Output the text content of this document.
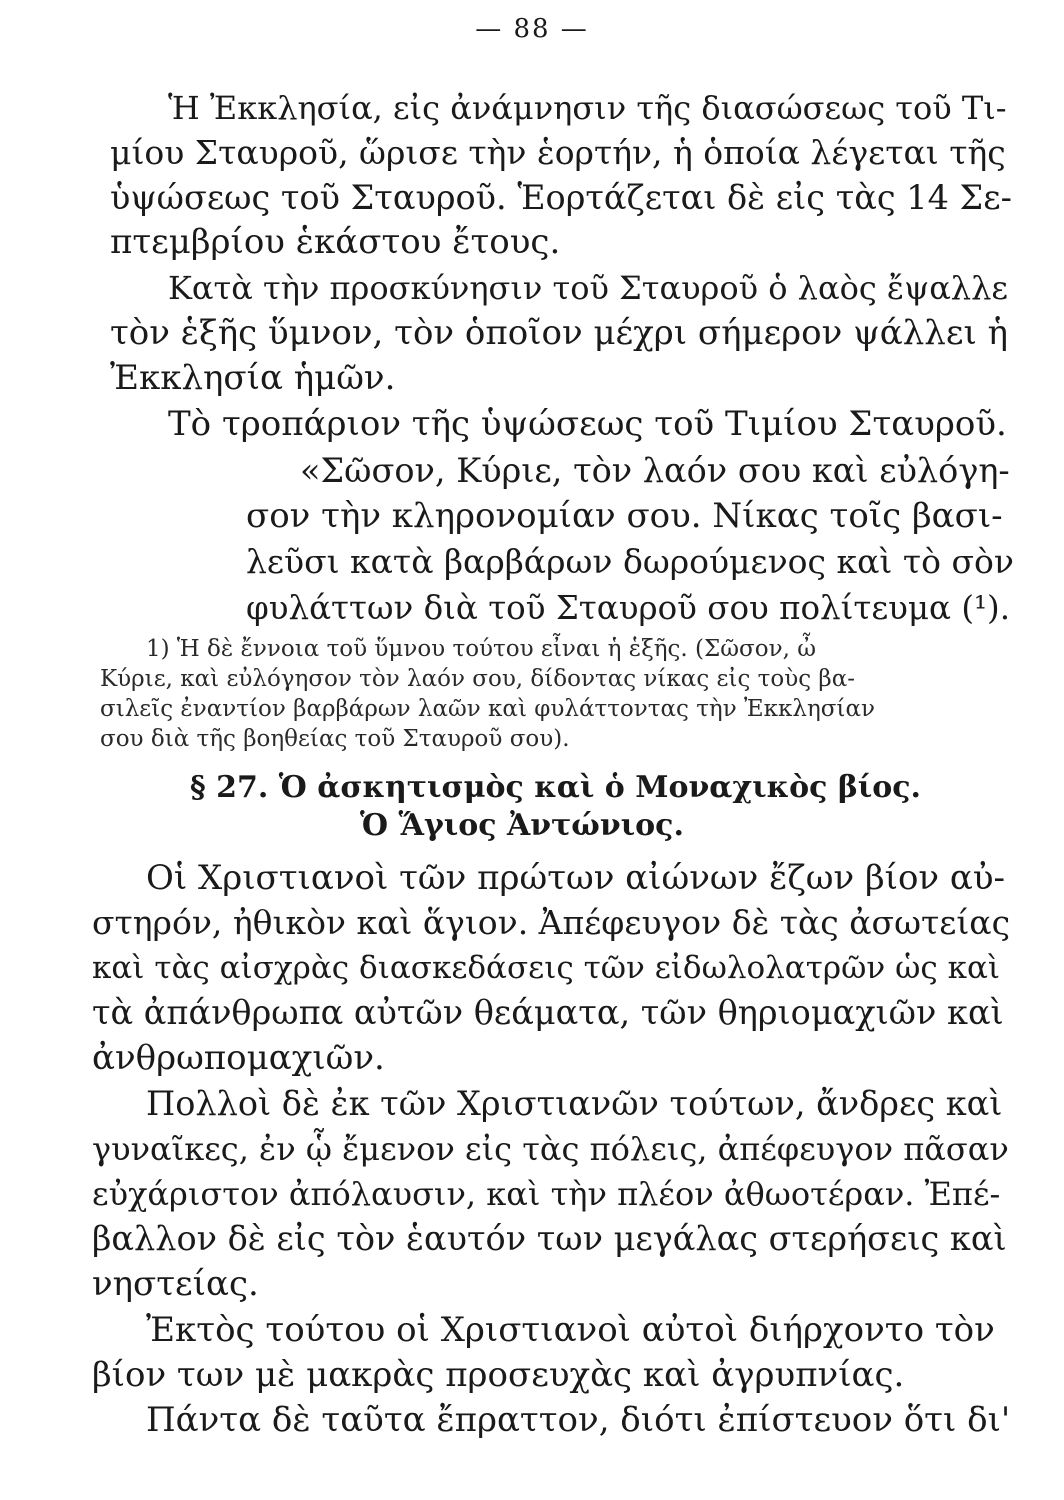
— 88 —
Ἡ Ἐκκλησία, εἰς ἀνάμνησιν τῆς διασώσεως τοῦ Τι-
μίου Σταυροῦ, ὥρισε τὴν ἑορτήν, ἡ ὁποία λέγεται τῆς
ὑψώσεως τοῦ Σταυροῦ. Ἑορτάζεται δὲ εἰς τὰς 14 Σε-
πτεμβρίου ἑκάστου ἔτους.
Κατὰ τὴν προσκύνησιν τοῦ Σταυροῦ ὁ λαὸς ἔψαλλε
τὸν ἑξῆς ὕμνον, τὸν ὁποῖον μέχρι σήμερον ψάλλει ἡ
Ἐκκλησία ἡμῶν.
Τὸ τροπάριον τῆς ὑψώσεως τοῦ Τιμίου Σταυροῦ.
«Σῶσον, Κύριε, τὸν λαόν σου καὶ εὐλόγη-
σον τὴν κληρονομίαν σου. Νίκας τοῖς βασι-
λεῦσι κατὰ βαρβάρων δωρούμενος καὶ τὸ σὸν
φυλάττων διὰ τοῦ Σταυροῦ σου πολίτευμα (¹).
1) Ἡ δὲ ἔννοια τοῦ ὕμνου τούτου εἶναι ἡ ἑξῆς. (Σῶσον, ὦ
Κύριε, καὶ εὐλόγησον τὸν λαόν σου, δίδοντας νίκας εἰς τοὺς βα-
σιλεῖς ἐναντίον βαρβάρων λαῶν καὶ φυλάττοντας τὴν Ἐκκλησίαν
σου διὰ τῆς βοηθείας τοῦ Σταυροῦ σου).
§ 27. Ὁ ἀσκητισμὸς καὶ ὁ Μοναχικὸς βίος.
Ὁ Ἅγιος Ἀντώνιος.
Οἱ Χριστιανοὶ τῶν πρώτων αἰώνων ἔζων βίον αὐ-
στηρόν, ἠθικὸν καὶ ἅγιον. Ἀπέφευγον δὲ τὰς ἀσωτείας
καὶ τὰς αἰσχρὰς διασκεδάσεις τῶν εἰδωλολατρῶν ὡς καὶ
τὰ ἀπάνθρωπα αὐτῶν θεάματα, τῶν θηριομαχιῶν καὶ
ἀνθρωπομαχιῶν.
Πολλοὶ δὲ ἐκ τῶν Χριστιανῶν τούτων, ἄνδρες καὶ
γυναῖκες, ἐν ᾧ ἔμενον εἰς τὰς πόλεις, ἀπέφευγον πᾶσαν
εὐχάριστον ἀπόλαυσιν, καὶ τὴν πλέον ἀθωοτέραν. Ἐπέ-
βαλλον δὲ εἰς τὸν ἑαυτόν των μεγάλας στερήσεις καὶ
νηστείας.
Ἐκτὸς τούτου οἱ Χριστιανοὶ αὐτοὶ διήρχοντο τὸν
βίον των μὲ μακρὰς προσευχὰς καὶ ἀγρυπνίας.
Πάντα δὲ ταῦτα ἔπραττον, διότι ἐπίστευον ὅτι δι'
